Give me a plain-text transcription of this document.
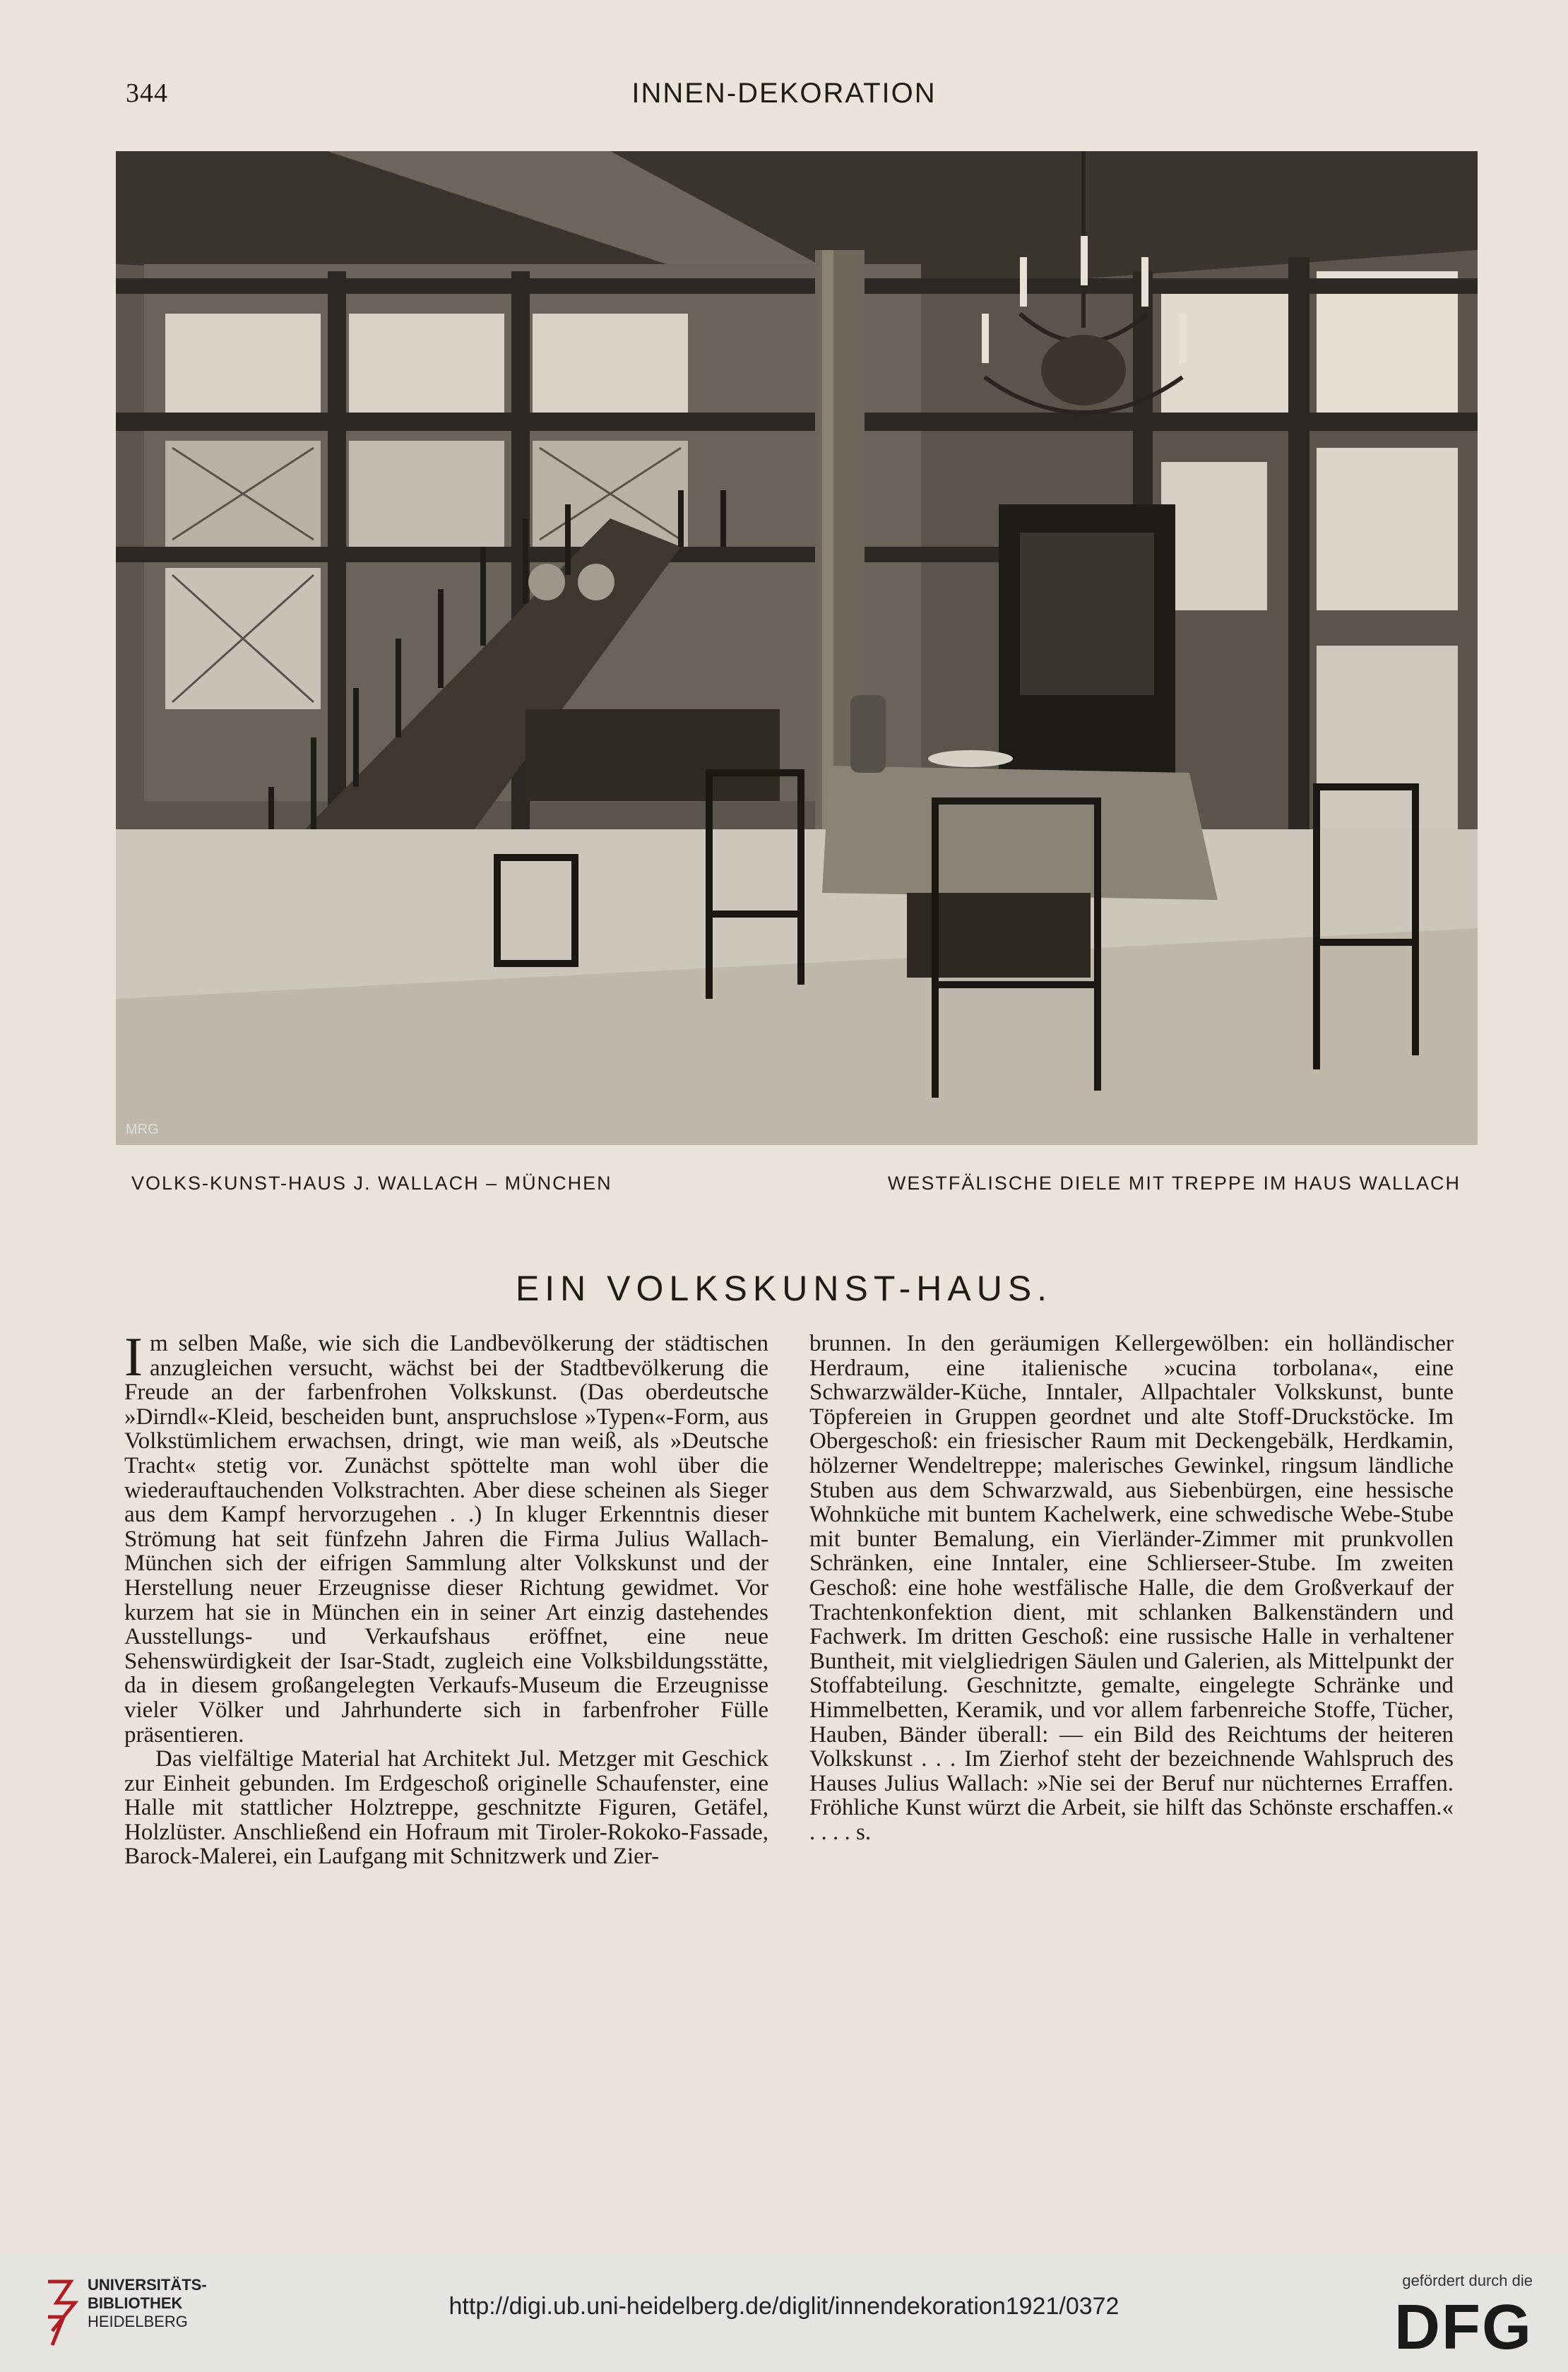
344	INNEN-DEKORATION
MRG
VOLKS-KUNST-HAUS J. WALLACH – MÜNCHEN	WESTFÄLISCHE DIELE MIT TREPPE IM HAUS WALLACH
EIN VOLKSKUNST-HAUS.

Im selben Maße, wie sich die Landbevölkerung der städtischen anzugleichen versucht, wächst bei der Stadtbevölkerung die Freude an der farbenfrohen Volkskunst. (Das oberdeutsche »Dirndl«-Kleid, bescheiden bunt, anspruchslose »Typen«-Form, aus Volkstümlichem erwachsen, dringt, wie man weiß, als »Deutsche Tracht« stetig vor. Zunächst spöttelte man wohl über die wiederauftauchenden Volkstrachten. Aber diese scheinen als Sieger aus dem Kampf hervorzugehen . .) In kluger Erkenntnis dieser Strömung hat seit fünfzehn Jahren die Firma Julius Wallach-München sich der eifrigen Sammlung alter Volkskunst und der Herstellung neuer Erzeugnisse dieser Richtung gewidmet. Vor kurzem hat sie in München ein in seiner Art einzig dastehendes Ausstellungs- und Verkaufshaus eröffnet, eine neue Sehenswürdigkeit der Isar-Stadt, zugleich eine Volksbildungsstätte, da in diesem großangelegten Verkaufs-Museum die Erzeugnisse vieler Völker und Jahrhunderte sich in farbenfroher Fülle präsentieren.

Das vielfältige Material hat Architekt Jul. Metzger mit Geschick zur Einheit gebunden. Im Erdgeschoß originelle Schaufenster, eine Halle mit stattlicher Holztreppe, geschnitzte Figuren, Getäfel, Holzlüster. Anschließend ein Hofraum mit Tiroler-Rokoko-Fassade, Barock-Malerei, ein Laufgang mit Schnitzwerk und Zier-

brunnen. In den geräumigen Kellergewölben: ein holländischer Herdraum, eine italienische »cucina torbolana«, eine Schwarzwälder-Küche, Inntaler, Allpachtaler Volkskunst, bunte Töpfereien in Gruppen geordnet und alte Stoff-Druckstöcke. Im Obergeschoß: ein friesischer Raum mit Deckengebälk, Herdkamin, hölzerner Wendeltreppe; malerisches Gewinkel, ringsum ländliche Stuben aus dem Schwarzwald, aus Siebenbürgen, eine hessische Wohnküche mit buntem Kachelwerk, eine schwedische Webe-Stube mit bunter Bemalung, ein Vierländer-Zimmer mit prunkvollen Schränken, eine Inntaler, eine Schlierseer-Stube. Im zweiten Geschoß: eine hohe westfälische Halle, die dem Großverkauf der Trachtenkonfektion dient, mit schlanken Balkenständern und Fachwerk. Im dritten Geschoß: eine russische Halle in verhaltener Buntheit, mit vielgliedrigen Säulen und Galerien, als Mittelpunkt der Stoffabteilung. Geschnitzte, gemalte, eingelegte Schränke und Himmelbetten, Keramik, und vor allem farbenreiche Stoffe, Tücher, Hauben, Bänder überall: — ein Bild des Reichtums der heiteren Volkskunst . . . Im Zierhof steht der bezeichnende Wahlspruch des Hauses Julius Wallach: »Nie sei der Beruf nur nüchternes Erraffen. Fröhliche Kunst würzt die Arbeit, sie hilft das Schönste erschaffen.« . . . . s.

UNIVERSITÄTS-
BIBLIOTHEK
HEIDELBERG
http://digi.ub.uni-heidelberg.de/diglit/innendekoration1921/0372
gefördert durch die
DFG
